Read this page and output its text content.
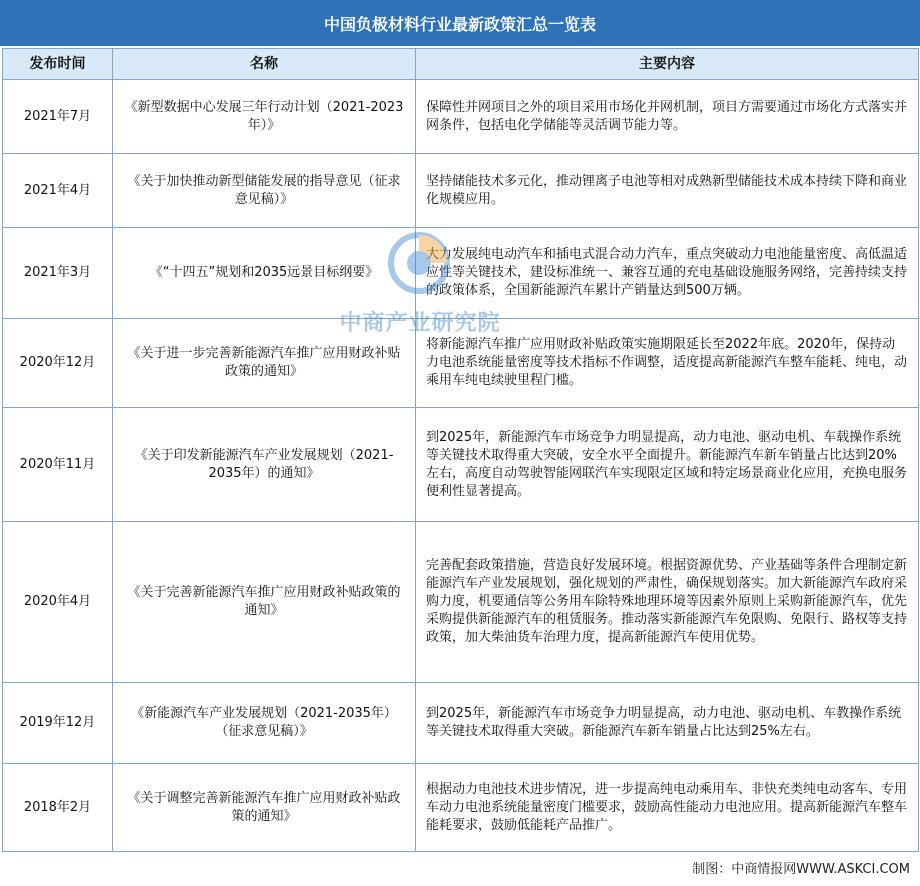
中国负极材料行业最新政策汇总一览表
发布时间	名称	主要内容
2021年7月	《新型数据中心发展三年行动计划（2021-2023年）》	保障性并网项目之外的项目采用市场化并网机制，项目方需要通过市场化方式落实并网条件，包括电化学储能等灵活调节能力等。
2021年4月	《关于加快推动新型储能发展的指导意见（征求意见稿）》	坚持储能技术多元化，推动锂离子电池等相对成熟新型储能技术成本持续下降和商业化规模应用。
2021年3月	《“十四五”规划和2035远景目标纲要》	大力发展纯电动汽车和插电式混合动力汽车，重点突破动力电池能量密度、高低温适应性等关键技术，建设标准统一、兼容互通的充电基础设施服务网络，完善持续支持的政策体系，全国新能源汽车累计产销量达到500万辆。
2020年12月	《关于进一步完善新能源汽车推广应用财政补贴政策的通知》	将新能源汽车推广应用财政补贴政策实施期限延长至2022年底。2020年，保持动力电池系统能量密度等技术指标不作调整，适度提高新能源汽车整车能耗、纯电，动乘用车纯电续驶里程门槛。
2020年11月	《关于印发新能源汽车产业发展规划（2021-2035年）的通知》	到2025年，新能源汽车市场竞争力明显提高，动力电池、驱动电机、车载操作系统等关键技术取得重大突破，安全水平全面提升。新能源汽车新车销量占比达到20%左右，高度自动驾驶智能网联汽车实现限定区域和特定场景商业化应用，充换电服务便利性显著提高。
2020年4月	《关于完善新能源汽车推广应用财政补贴政策的通知》	完善配套政策措施，营造良好发展环境。根据资源优势、产业基础等条件合理制定新能源汽车产业发展规划，强化规划的严肃性，确保规划落实。加大新能源汽车政府采购力度，机要通信等公务用车除特殊地理环境等因素外原则上采购新能源汽车，优先采购提供新能源汽车的租赁服务。推动落实新能源汽车免限购、免限行、路权等支持政策，加大柴油货车治理力度，提高新能源汽车使用优势。
2019年12月	《新能源汽车产业发展规划（2021-2035年）（征求意见稿）》	到2025年，新能源汽车市场竞争力明显提高，动力电池、驱动电机、车教操作系统等关键技术取得重大突破。新能源汽车新车销量占比达到25%左右。
2018年2月	《关于调整完善新能源汽车推广应用财政补贴政策的通知》	根据动力电池技术进步情况，进一步提高纯电动乘用车、非快充类纯电动客车、专用车动力电池系统能量密度门槛要求，鼓励高性能动力电池应用。提高新能源汽车整车能耗要求，鼓励低能耗产品推广。
中商产业研究院
制图：中商情报网WWW.ASKCI.COM
